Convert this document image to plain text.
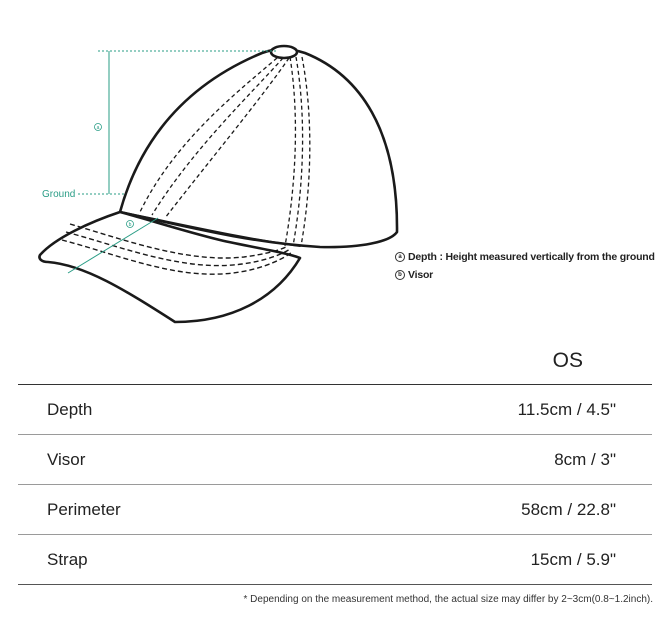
a
Ground
b
a Depth : Height measured vertically from the ground
b Visor
OS
Depth	11.5cm / 4.5"
Visor	8cm / 3"
Perimeter	58cm / 22.8"
Strap	15cm / 5.9"
* Depending on the measurement method, the actual size may differ by 2~3cm(0.8~1.2inch).
